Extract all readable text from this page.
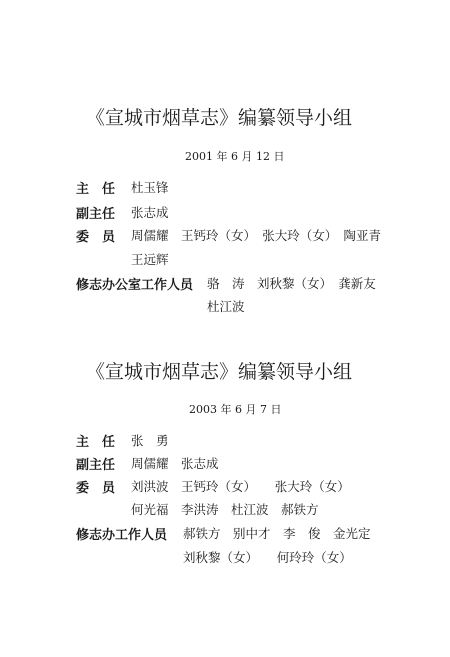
《宣城市烟草志》编纂领导小组
2001 年 6 月 12 日
主　任 杜玉锋
副主任 张志成
委　员 周儒耀　王钙玲（女）　张大玲（女）　陶亚青
王远辉
修志办公室工作人员 骆　涛　刘秋黎（女）　龚新友
杜江波
《宣城市烟草志》编纂领导小组
2003 年 6 月 7 日
主　任 张　勇
副主任 周儒耀　张志成
委　员 刘洪波　王钙玲（女）　　张大玲（女）
何光福　李洪涛　杜江波　郝铁方
修志办工作人员 郝铁方　别中才　李　俊　金光定
刘秋黎（女）　　何玲玲（女）
